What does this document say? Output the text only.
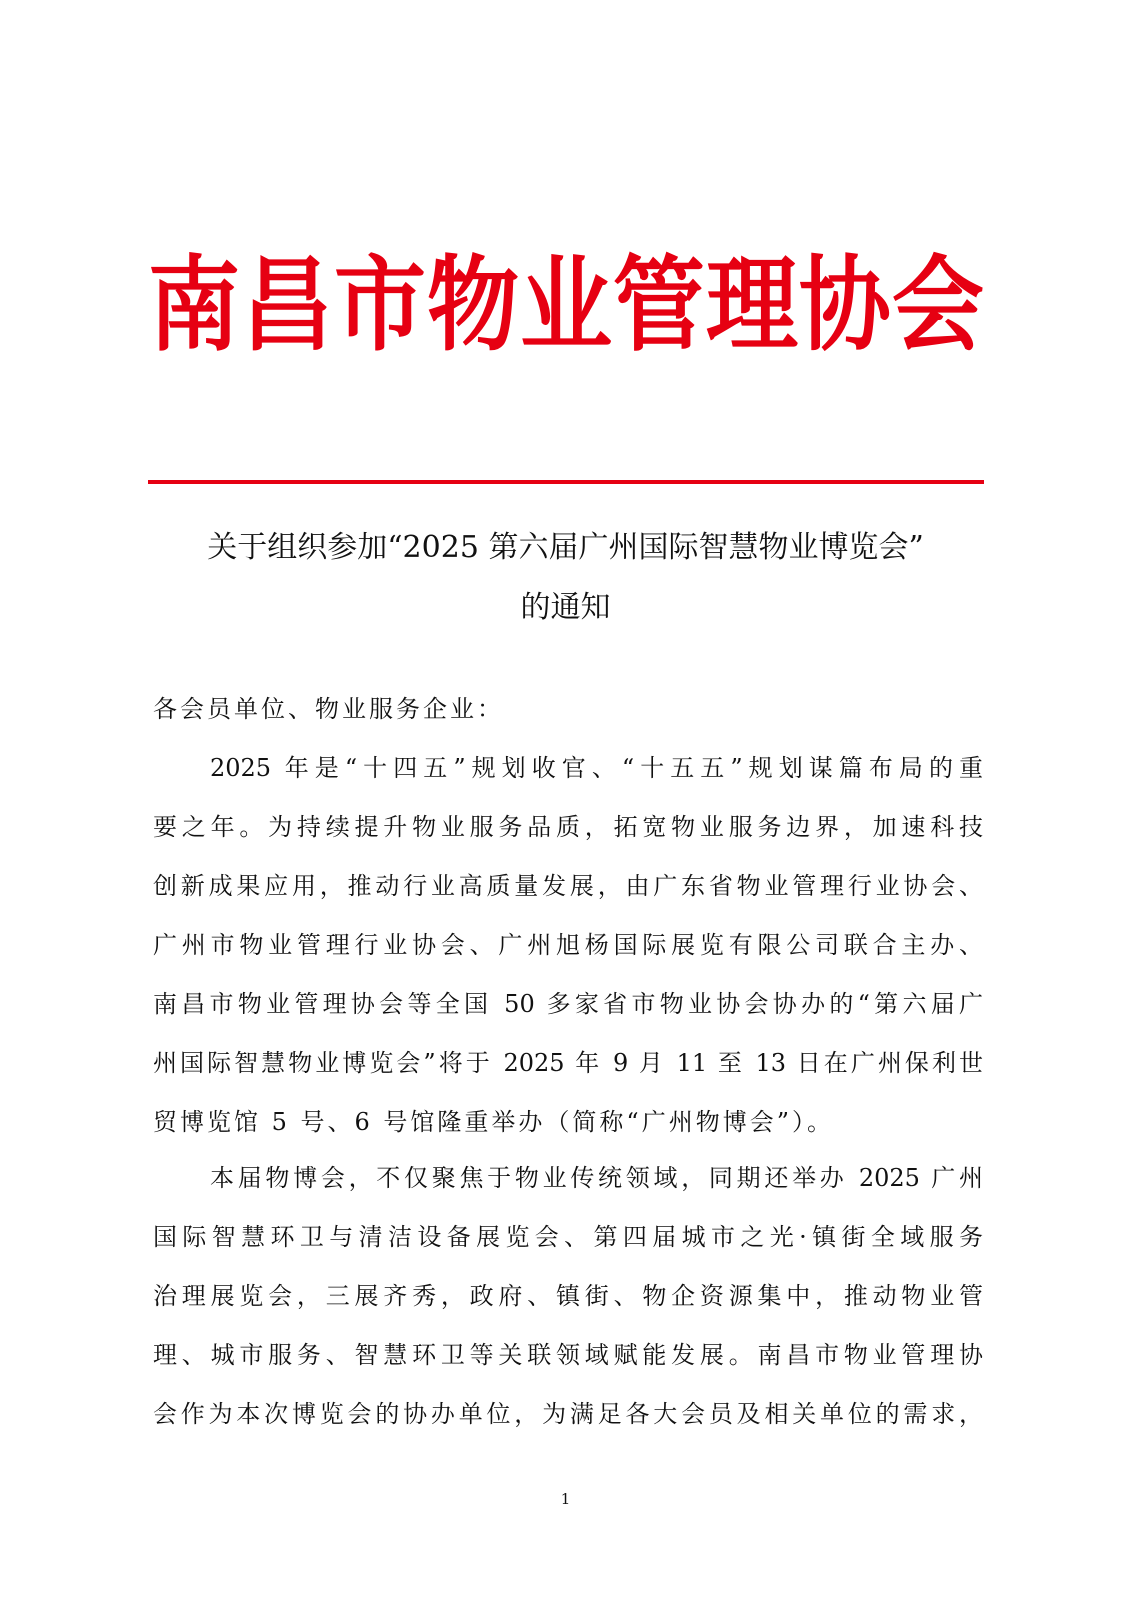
南 昌 市 物 业 管 理 协 会
关于组织参加“2025 第六届广州国际智慧物业博览会”
的通知
各会员单位、物业服务企业：
2025 年是“十四五”规划收官、“十五五”规划谋篇布局的重
要之年。为持续提升物业服务品质，拓宽物业服务边界，加速科技
创新成果应用，推动行业高质量发展，由广东省物业管理行业协会、
广州市物业管理行业协会、广州旭杨国际展览有限公司联合主办、
南昌市物业管理协会等全国 50 多家省市物业协会协办的“第六届广
州国际智慧物业博览会”将于 2025 年 9 月 11 至 13 日在广州保利世
贸博览馆 5 号、6 号馆隆重举办（简称“广州物博会”）。
本届物博会，不仅聚焦于物业传统领域，同期还举办 2025 广州
国际智慧环卫与清洁设备展览会、第四届城市之光·镇街全域服务
治理展览会，三展齐秀，政府、镇街、物企资源集中，推动物业管
理、城市服务、智慧环卫等关联领域赋能发展。南昌市物业管理协
会作为本次博览会的协办单位，为满足各大会员及相关单位的需求，
1
